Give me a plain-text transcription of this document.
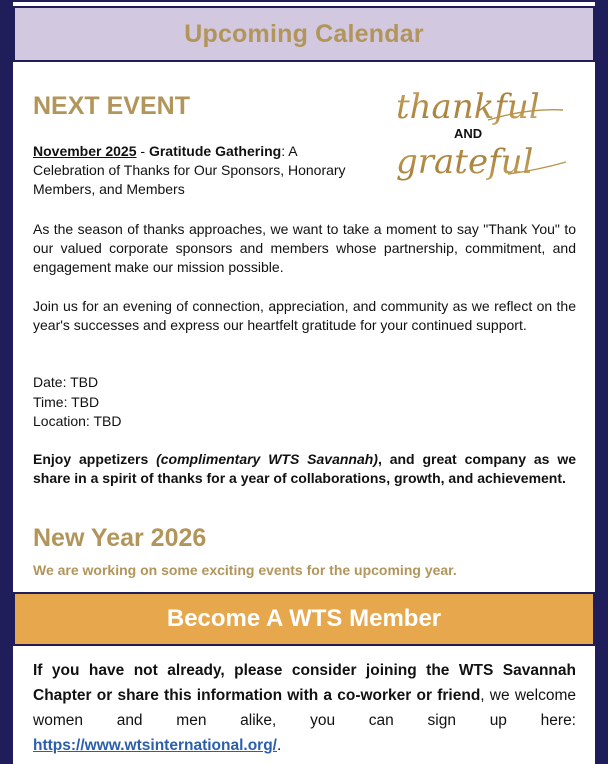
Upcoming Calendar
NEXT EVENT	thankful
AND
grateful
November 2025 - Gratitude Gathering: A Celebration of Thanks for Our Sponsors, Honorary Members, and Members
As the season of thanks approaches, we want to take a moment to say "Thank You" to our valued corporate sponsors and members whose partnership, commitment, and engagement make our mission possible.
Join us for an evening of connection, appreciation, and community as we reflect on the year's successes and express our heartfelt gratitude for your continued support.
Date: TBD
Time: TBD
Location: TBD
Enjoy appetizers (complimentary WTS Savannah), and great company as we share in a spirit of thanks for a year of collaborations, growth, and achievement.
New Year 2026
We are working on some exciting events for the upcoming year.
Become A WTS Member
If you have not already, please consider joining the WTS Savannah Chapter or share this information with a co-worker or friend, we welcome women and men alike, you can sign up here: https://www.wtsinternational.org/.
